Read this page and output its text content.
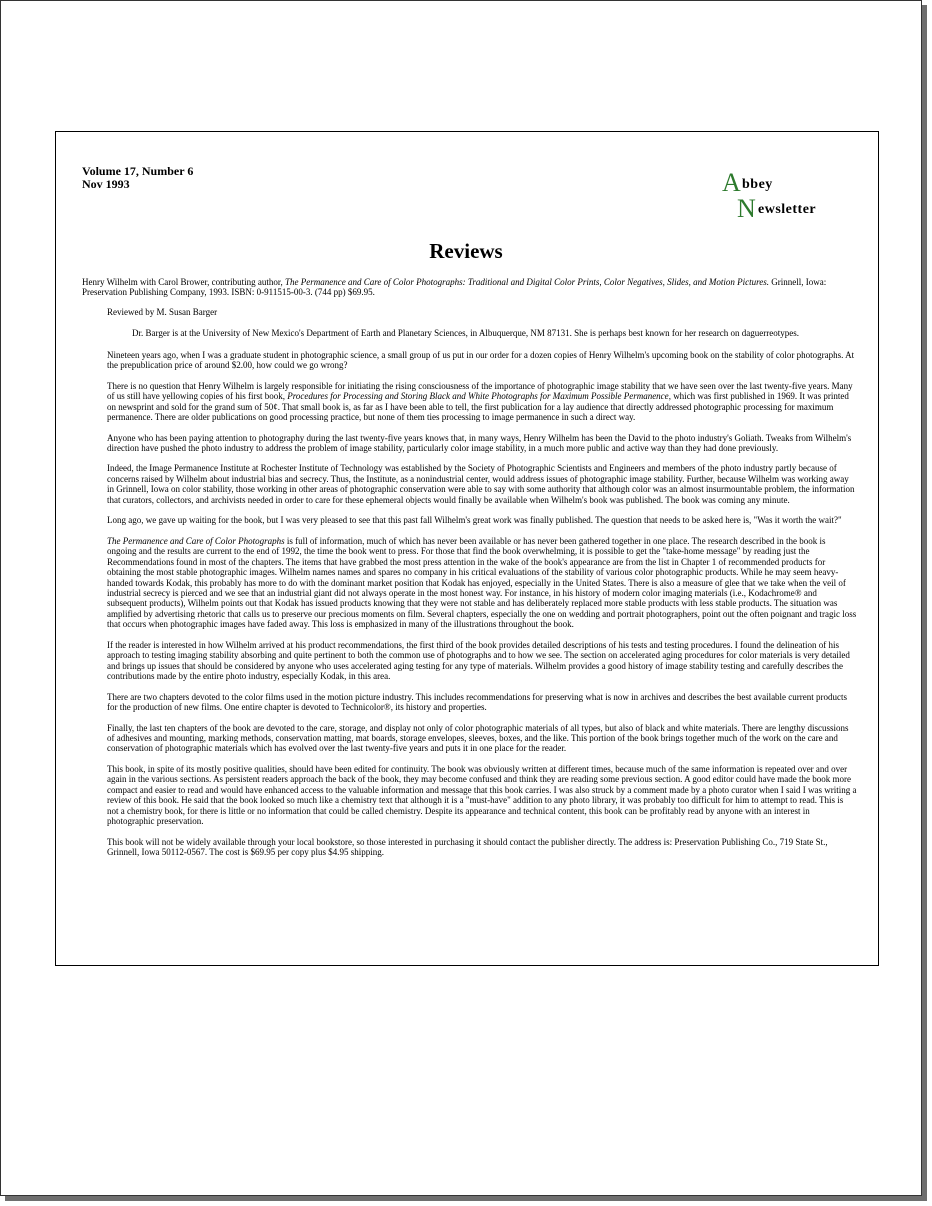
Volume 17, Number 6
Nov 1993	A bbey
N ewsletter
Reviews

Henry Wilhelm with Carol Brower, contributing author, The Permanence and Care of Color Photographs: Traditional and Digital Color Prints, Color Negatives, Slides, and Motion Pictures. Grinnell, Iowa: Preservation Publishing Company, 1993. ISBN: 0-911515-00-3. (744 pp) $69.95.

Reviewed by M. Susan Barger

Dr. Barger is at the University of New Mexico's Department of Earth and Planetary Sciences, in Albuquerque, NM 87131. She is perhaps best known for her research on daguerreotypes.

Nineteen years ago, when I was a graduate student in photographic science, a small group of us put in our order for a dozen copies of Henry Wilhelm's upcoming book on the stability of color photographs. At the prepublication price of around $2.00, how could we go wrong?

There is no question that Henry Wilhelm is largely responsible for initiating the rising consciousness of the importance of photographic image stability that we have seen over the last twenty-five years. Many of us still have yellowing copies of his first book, Procedures for Processing and Storing Black and White Photographs for Maximum Possible Permanence, which was first published in 1969. It was printed on newsprint and sold for the grand sum of 50¢. That small book is, as far as I have been able to tell, the first publication for a lay audience that directly addressed photographic processing for maximum permanence. There are older publications on good processing practice, but none of them ties processing to image permanence in such a direct way.

Anyone who has been paying attention to photography during the last twenty-five years knows that, in many ways, Henry Wilhelm has been the David to the photo industry's Goliath. Tweaks from Wilhelm's direction have pushed the photo industry to address the problem of image stability, particularly color image stability, in a much more public and active way than they had done previously.

Indeed, the Image Permanence Institute at Rochester Institute of Technology was established by the Society of Photographic Scientists and Engineers and members of the photo industry partly because of concerns raised by Wilhelm about industrial bias and secrecy. Thus, the Institute, as a nonindustrial center, would address issues of photographic image stability. Further, because Wilhelm was working away in Grinnell, Iowa on color stability, those working in other areas of photographic conservation were able to say with some authority that although color was an almost insurmountable problem, the information that curators, collectors, and archivists needed in order to care for these ephemeral objects would finally be available when Wilhelm's book was published. The book was coming any minute.

Long ago, we gave up waiting for the book, but I was very pleased to see that this past fall Wilhelm's great work was finally published. The question that needs to be asked here is, "Was it worth the wait?"

The Permanence and Care of Color Photographs is full of information, much of which has never been available or has never been gathered together in one place. The research described in the book is ongoing and the results are current to the end of 1992, the time the book went to press. For those that find the book overwhelming, it is possible to get the "take-home message" by reading just the Recommendations found in most of the chapters. The items that have grabbed the most press attention in the wake of the book's appearance are from the list in Chapter 1 of recommended products for obtaining the most stable photographic images. Wilhelm names names and spares no company in his critical evaluations of the stability of various color photographic products. While he may seem heavy-handed towards Kodak, this probably has more to do with the dominant market position that Kodak has enjoyed, especially in the United States. There is also a measure of glee that we take when the veil of industrial secrecy is pierced and we see that an industrial giant did not always operate in the most honest way. For instance, in his history of modern color imaging materials (i.e., Kodachrome® and subsequent products), Wilhelm points out that Kodak has issued products knowing that they were not stable and has deliberately replaced more stable products with less stable products. The situation was amplified by advertising rhetoric that calls us to preserve our precious moments on film. Several chapters, especially the one on wedding and portrait photographers, point out the often poignant and tragic loss that occurs when photographic images have faded away. This loss is emphasized in many of the illustrations throughout the book.

If the reader is interested in how Wilhelm arrived at his product recommendations, the first third of the book provides detailed descriptions of his tests and testing procedures. I found the delineation of his approach to testing imaging stability absorbing and quite pertinent to both the common use of photographs and to how we see. The section on accelerated aging procedures for color materials is very detailed and brings up issues that should be considered by anyone who uses accelerated aging testing for any type of materials. Wilhelm provides a good history of image stability testing and carefully describes the contributions made by the entire photo industry, especially Kodak, in this area.

There are two chapters devoted to the color films used in the motion picture industry. This includes recommendations for preserving what is now in archives and describes the best available current products for the production of new films. One entire chapter is devoted to Technicolor®, its history and properties.

Finally, the last ten chapters of the book are devoted to the care, storage, and display not only of color photographic materials of all types, but also of black and white materials. There are lengthy discussions of adhesives and mounting, marking methods, conservation matting, mat boards, storage envelopes, sleeves, boxes, and the like. This portion of the book brings together much of the work on the care and conservation of photographic materials which has evolved over the last twenty-five years and puts it in one place for the reader.

This book, in spite of its mostly positive qualities, should have been edited for continuity. The book was obviously written at different times, because much of the same information is repeated over and over again in the various sections. As persistent readers approach the back of the book, they may become confused and think they are reading some previous section. A good editor could have made the book more compact and easier to read and would have enhanced access to the valuable information and message that this book carries. I was also struck by a comment made by a photo curator when I said I was writing a review of this book. He said that the book looked so much like a chemistry text that although it is a "must-have" addition to any photo library, it was probably too difficult for him to attempt to read. This is not a chemistry book, for there is little or no information that could be called chemistry. Despite its appearance and technical content, this book can be profitably read by anyone with an interest in photographic preservation.

This book will not be widely available through your local bookstore, so those interested in purchasing it should contact the publisher directly. The address is: Preservation Publishing Co., 719 State St., Grinnell, Iowa 50112-0567. The cost is $69.95 per copy plus $4.95 shipping.
